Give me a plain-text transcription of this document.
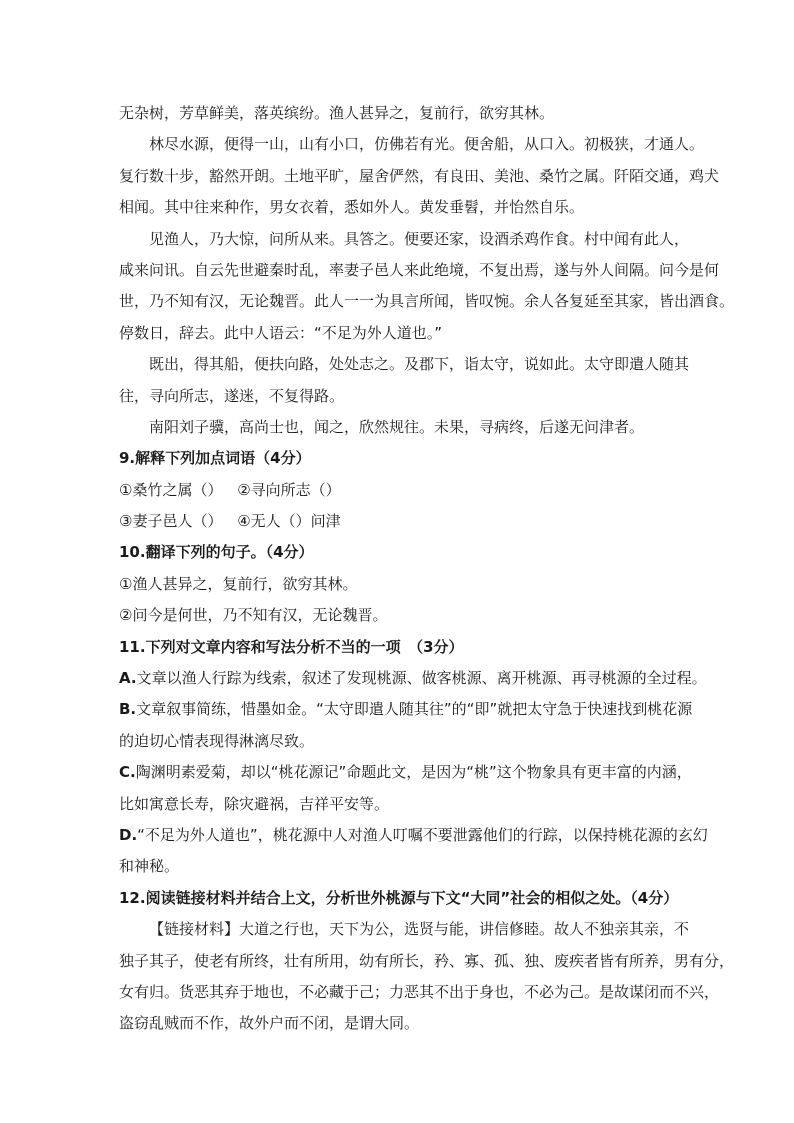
无杂树，芳草鲜美，落英缤纷。渔人甚异之，复前行，欲穷其林。
林尽水源，便得一山，山有小口，仿佛若有光。便舍船，从口入。初极狭，才通人。
复行数十步，豁然开朗。土地平旷，屋舍俨然，有良田、美池、桑竹之属。阡陌交通，鸡犬
相闻。其中往来种作，男女衣着，悉如外人。黄发垂髫，并怡然自乐。
见渔人，乃大惊，问所从来。具答之。便要还家，设酒杀鸡作食。村中闻有此人，
咸来问讯。自云先世避秦时乱，率妻子邑人来此绝境，不复出焉，遂与外人间隔。问今是何
世，乃不知有汉，无论魏晋。此人一一为具言所闻，皆叹惋。余人各复延至其家，皆出酒食。
停数日，辞去。此中人语云：“不足为外人道也。”
既出，得其船，便扶向路，处处志之。及郡下，诣太守，说如此。太守即遣人随其
往，寻向所志，遂迷，不复得路。
南阳刘子骥，高尚士也，闻之，欣然规往。未果，寻病终，后遂无问津者。
9.解释下列加点词语（4分）
①桑竹之属（） ②寻向所志（）
③妻子邑人（） ④无人（）问津
10.翻译下列的句子。（4分）
①渔人甚异之，复前行，欲穷其林。
②问今是何世，乃不知有汉，无论魏晋。
11.下列对文章内容和写法分析不当的一项　（3分）
A.文章以渔人行踪为线索，叙述了发现桃源、做客桃源、离开桃源、再寻桃源的全过程。
B.文章叙事简练，惜墨如金。“太守即遣人随其往”的“即”就把太守急于快速找到桃花源
的迫切心情表现得淋漓尽致。
C.陶渊明素爱菊，却以“桃花源记”命题此文，是因为“桃”这个物象具有更丰富的内涵，
比如寓意长寿，除灾避祸，吉祥平安等。
D.“不足为外人道也”，桃花源中人对渔人叮嘱不要泄露他们的行踪，以保持桃花源的玄幻
和神秘。
12.阅读链接材料并结合上文，分析世外桃源与下文“大同”社会的相似之处。（4分）
【链接材料】大道之行也，天下为公，选贤与能，讲信修睦。故人不独亲其亲，不
独子其子，使老有所终，壮有所用，幼有所长，矜、寡、孤、独、废疾者皆有所养，男有分，
女有归。货恶其弃于地也，不必藏于己；力恶其不出于身也，不必为己。是故谋闭而不兴，
盗窃乱贼而不作，故外户而不闭，是谓大同。
